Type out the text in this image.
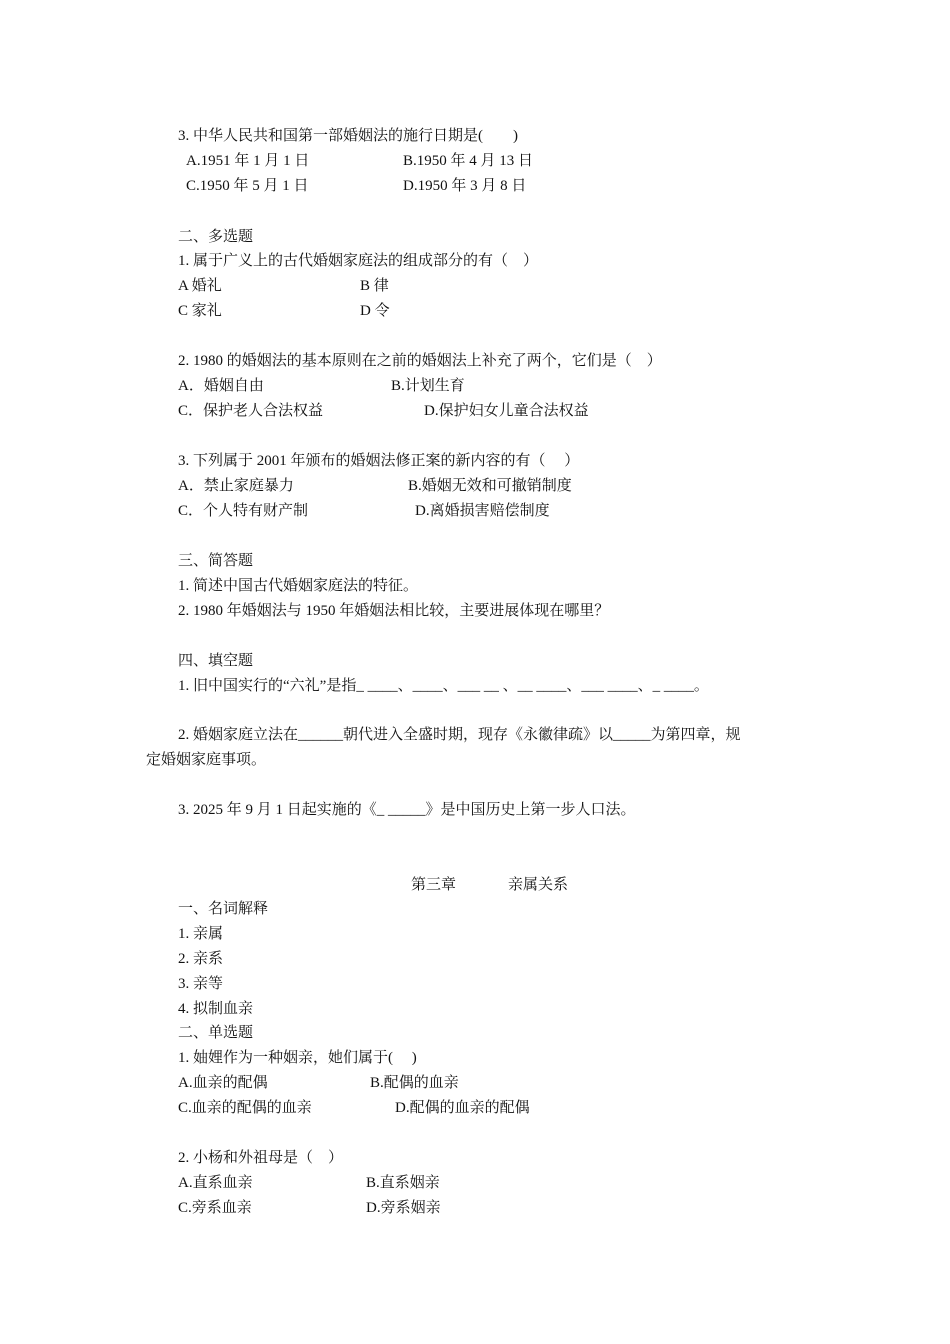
3. 中华人民共和国第一部婚姻法的施行日期是(　　)
A.1951 年 1 月 1 日	B.1950 年 4 月 13 日
C.1950 年 5 月 1 日	D.1950 年 3 月 8 日
二、多选题
1. 属于广义上的古代婚姻家庭法的组成部分的有（　）
A 婚礼	B 律
C 家礼	D 令
2. 1980 的婚姻法的基本原则在之前的婚姻法上补充了两个，它们是（　）
A．婚姻自由	B.计划生育
C．保护老人合法权益	D.保护妇女儿童合法权益
3. 下列属于 2001 年颁布的婚姻法修正案的新内容的有（　 ）
A．禁止家庭暴力	B.婚姻无效和可撤销制度
C．个人特有财产制	D.离婚损害赔偿制度
三、简答题
1. 简述中国古代婚姻家庭法的特征。
2. 1980 年婚姻法与 1950 年婚姻法相比较，主要进展体现在哪里？
四、填空题
1. 旧中国实行的“六礼”是指_ ____、____、___ __ 、__ ____、___ ____、_ ____。
2. 婚姻家庭立法在______朝代进入全盛时期，现存《永徽律疏》以_____为第四章，规
定婚姻家庭事项。
3. 2025 年 9 月 1 日起实施的《_ _____》是中国历史上第一步人口法。
第三章	亲属关系
一、名词解释
1. 亲属
2. 亲系
3. 亲等
4. 拟制血亲
二、单选题
1. 妯娌作为一种姻亲，她们属于(　 )
A.血亲的配偶	B.配偶的血亲
C.血亲的配偶的血亲	D.配偶的血亲的配偶
2. 小杨和外祖母是（　）
A.直系血亲	B.直系姻亲
C.旁系血亲	D.旁系姻亲
